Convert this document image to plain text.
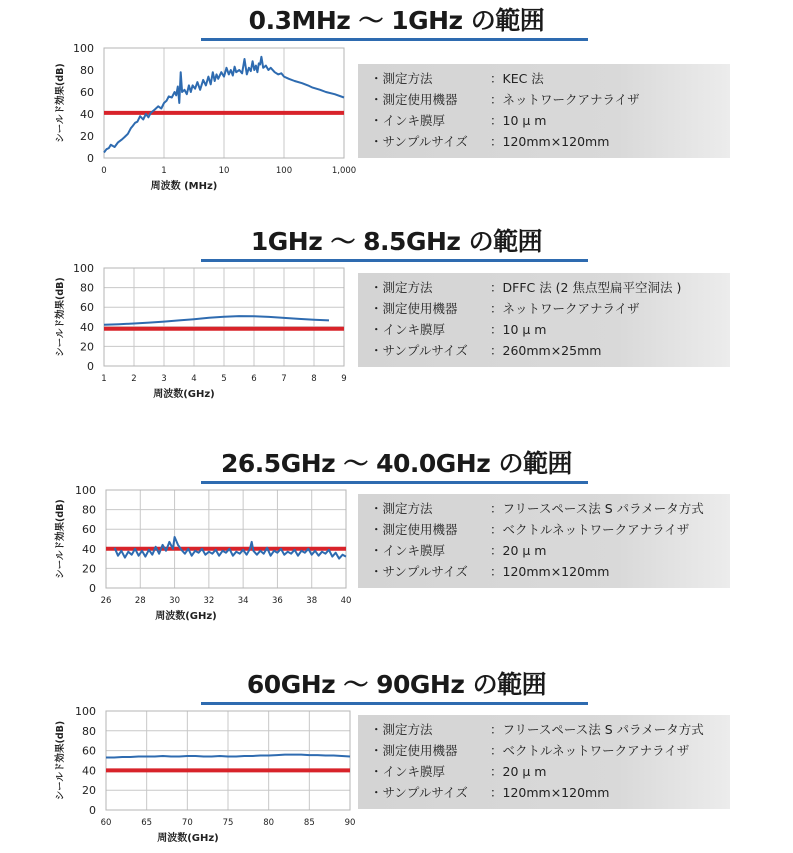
0.3MHz ～ 1GHz の範囲
0
20
40
60
80
100
0	1	10	100	1,000
周波数 (MHz)
シールド効果(dB)	・測定方法	：KEC 法
・測定使用機器	：ネットワークアナライザ
・インキ膜厚	：10 μ m
・サンプルサイズ ：120mm×120mm
1GHz ～ 8.5GHz の範囲
0
20
40
60
80
100
1	2	3	4	5	6	7	8	9
周波数(GHz)
シールド効果(dB)	・測定方法	：DFFC 法 (2 焦点型扁平空洞法 )
・測定使用機器	：ネットワークアナライザ
・インキ膜厚	：10 μ m
・サンプルサイズ ：260mm×25mm
26.5GHz ～ 40.0GHz の範囲
0
20
40
60
80
100
26	28	30	32	34	36	38	40
周波数(GHz)
シールド効果(dB)	・測定方法	：フリースペース法 S パラメータ方式
・測定使用機器	：ベクトルネットワークアナライザ
・インキ膜厚	：20 μ m
・サンプルサイズ ：120mm×120mm
60GHz ～ 90GHz の範囲
0
20
40
60
80
100
60	65	70	75	80	85	90
周波数(GHz)
シールド効果(dB)	・測定方法	：フリースペース法 S パラメータ方式
・測定使用機器	：ベクトルネットワークアナライザ
・インキ膜厚	：20 μ m
・サンプルサイズ ：120mm×120mm
